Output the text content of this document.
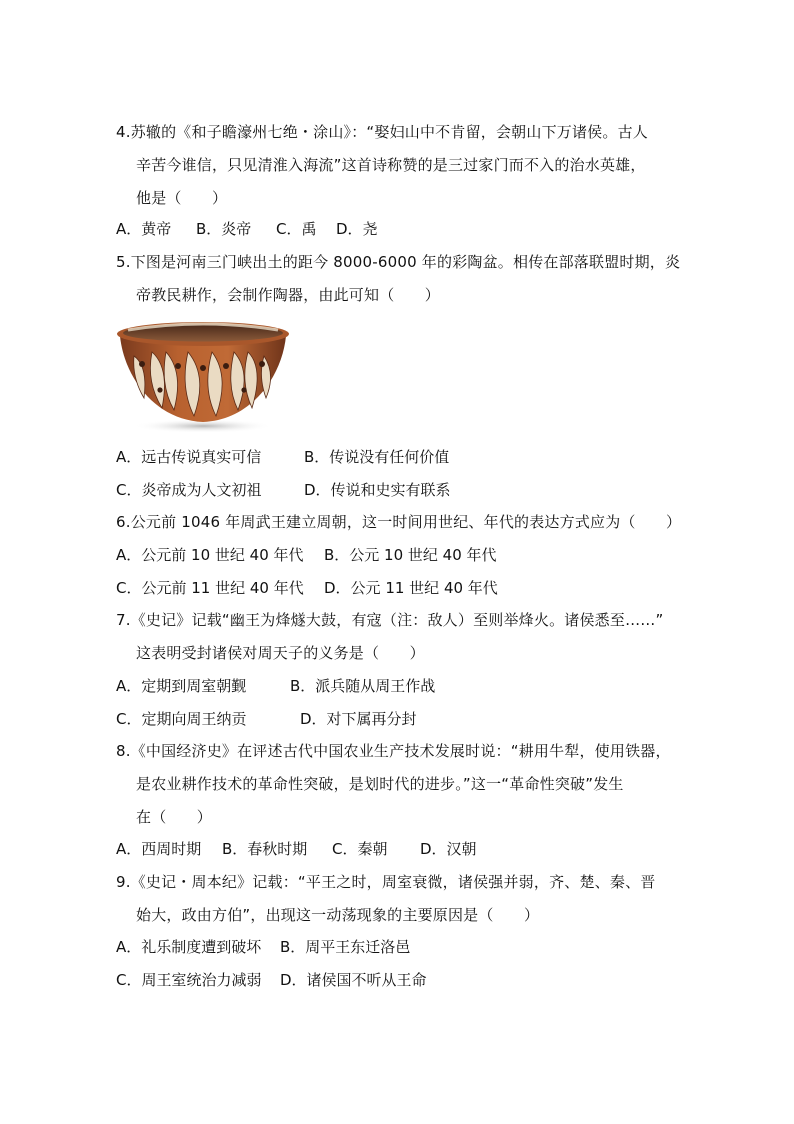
4.苏辙的《和子瞻濠州七绝・涂山》：“娶妇山中不肯留，会朝山下万诸侯。古人
辛苦今谁信，只见清淮入海流”这首诗称赞的是三过家门而不入的治水英雄，
他是（　　）
A．黄帝 B．炎帝 C．禹 D．尧
5.下图是河南三门峡出土的距今 8000-6000 年的彩陶盆。相传在部落联盟时期，炎
帝教民耕作，会制作陶器，由此可知（　　）
A．远古传说真实可信	B．传说没有任何价值
C．炎帝成为人文初祖	D．传说和史实有联系
6.公元前 1046 年周武王建立周朝，这一时间用世纪、年代的表达方式应为（　　）
A．公元前 10 世纪 40 年代 B．公元 10 世纪 40 年代
C．公元前 11 世纪 40 年代 D．公元 11 世纪 40 年代
7.《史记》记载“幽王为烽燧大鼓，有寇（注：敌人）至则举烽火。诸侯悉至……”
这表明受封诸侯对周天子的义务是（　　）
A．定期到周室朝觐	B．派兵随从周王作战
C．定期向周王纳贡	D．对下属再分封
8.《中国经济史》在评述古代中国农业生产技术发展时说：“耕用牛犁，使用铁器，
是农业耕作技术的革命性突破，是划时代的进步。”这一“革命性突破”发生
在（　　）
A．西周时期 B．春秋时期 C．秦朝 D．汉朝
9.《史记・周本纪》记载：“平王之时，周室衰微，诸侯强并弱，齐、楚、秦、晋
始大，政由方伯”，出现这一动荡现象的主要原因是（　　）
A．礼乐制度遭到破坏 B．周平王东迁洛邑
C．周王室统治力减弱 D．诸侯国不听从王命
